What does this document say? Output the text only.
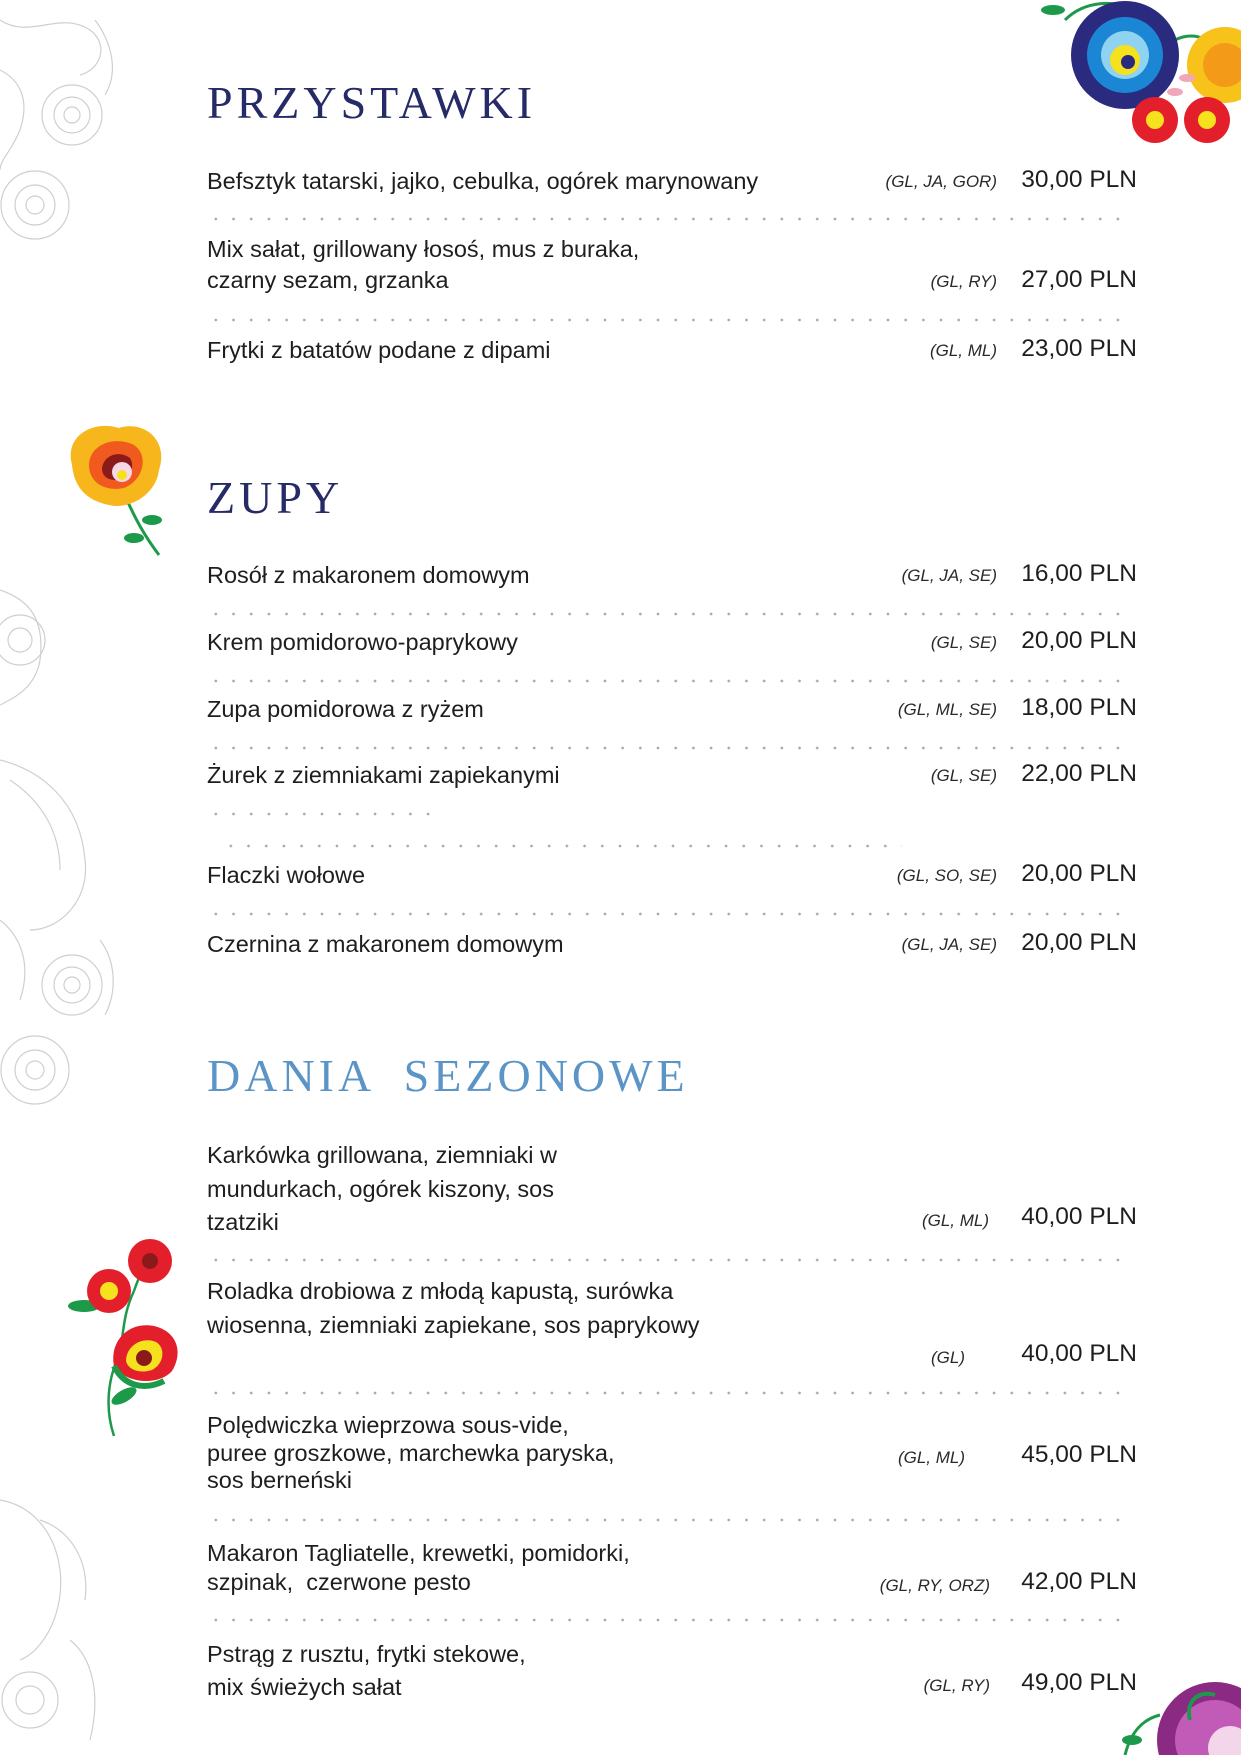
PRZYSTAWKI
Befsztyk tatarski, jajko, cebulka, ogórek marynowany	(GL, JA, GOR) 30,00 PLN
Mix sałat, grillowany łosoś, mus z buraka,
czarny sezam, grzanka	(GL, RY) 27,00 PLN
Frytki z batatów podane z dipami	(GL, ML) 23,00 PLN
ZUPY
Rosół z makaronem domowym	(GL, JA, SE) 16,00 PLN
Krem pomidorowo-paprykowy	(GL, SE) 20,00 PLN
Zupa pomidorowa z ryżem	(GL, ML, SE) 18,00 PLN
Żurek z ziemniakami zapiekanymi	(GL, SE) 22,00 PLN
Flaczki wołowe	(GL, SO, SE) 20,00 PLN
Czernina z makaronem domowym	(GL, JA, SE) 20,00 PLN
DANIA  SEZONOWE
Karkówka grillowana, ziemniaki w
mundurkach, ogórek kiszony, sos
tzatziki	(GL, ML) 40,00 PLN
Roladka drobiowa z młodą kapustą, surówka
wiosenna, ziemniaki zapiekane, sos paprykowy
(GL) 40,00 PLN
Polędwiczka wieprzowa sous-vide,
puree groszkowe, marchewka paryska,
sos berneński
(GL, ML) 45,00 PLN
Makaron Tagliatelle, krewetki, pomidorki,
szpinak,  czerwone pesto	(GL, RY, ORZ) 42,00 PLN
Pstrąg z rusztu, frytki stekowe,
mix świeżych sałat	(GL, RY) 49,00 PLN
